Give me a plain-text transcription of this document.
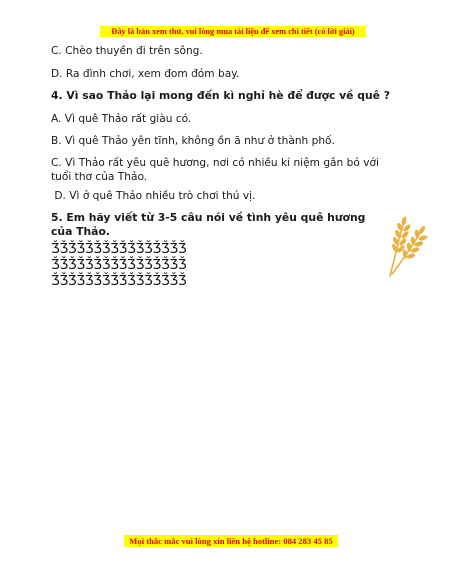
Đây là bản xem thử, vui lòng mua tài liệu để xem chi tiết (có lời giải)
C. Chèo thuyền đi trên sông.
D. Ra đình chơi, xem đom đóm bay.
4. Vì sao Thảo lại mong đến kì nghỉ hè để được về quê ?
A. Vì quê Thảo rất giàu có.
B. Vì quê Thảo yên tĩnh, không ồn ã như ở thành phố.
C. Vì Thảo rất yêu quê hương, nơi có nhiều kỉ niệm gắn bó với tuổi thơ của Thảo.
D. Vì ở quê Thảo nhiều trò chơi thú vị.
5. Em hãy viết từ 3-5 câu nói về tình yêu quê hương của Thảo.
ǮǮǮǮǮǮǮǮǮǮǮǮǮǮǮǮ
ǮǮǮǮǮǮǮǮǮǮǮǮǮǮǮǮ
ǮǮǮǮǮǮǮǮǮǮǮǮǮǮǮǮ
Mọi thắc mắc vui lòng xin liên hệ hotline: 084 283 45 85
